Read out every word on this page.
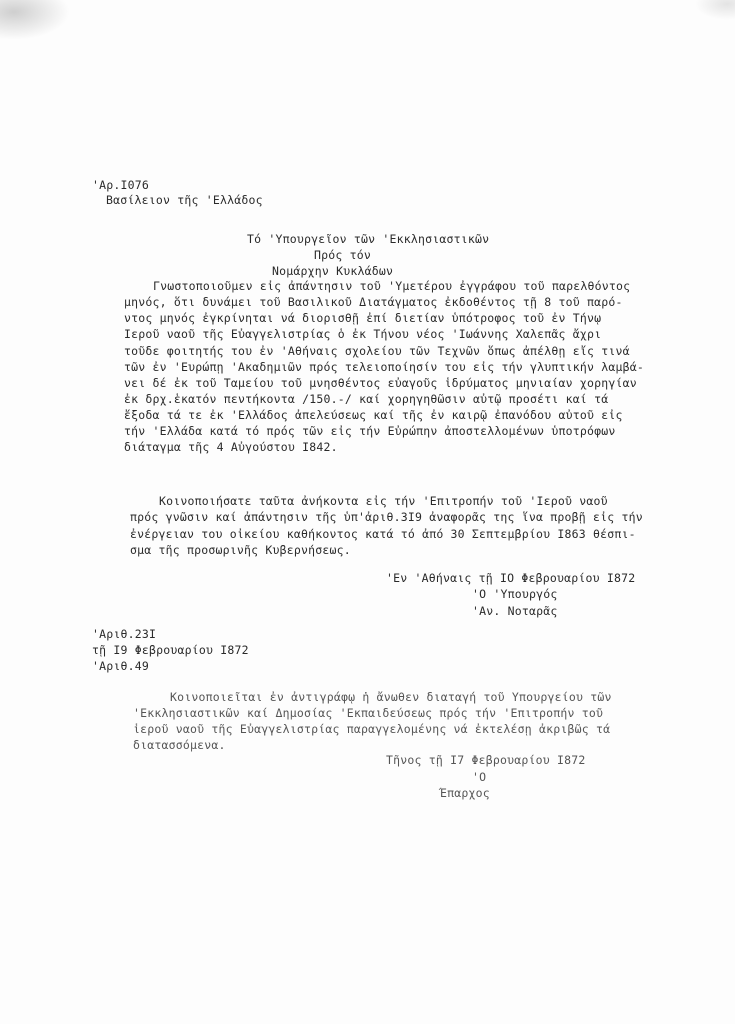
'Αρ.Ι076
Βασίλειον τῆς 'Ελλάδος
Τό 'Υπουργεῖον τῶν 'Εκκλησιαστικῶν
Πρός τόν
Νομάρχην Κυκλάδων
Γνωστοποιοῦμεν εἰς ἀπάντησιν τοῦ 'Υμετέρου ἐγγράφου τοῦ παρελθόντος
μηνός, ὅτι δυνάμει τοῦ Βασιλικοῦ Διατάγματος ἐκδοθέντος τῇ 8 τοῦ παρό-
ντος μηνός ἐγκρίνηται νά διορισθῇ ἐπί διετίαν ὑπότροφος τοῦ ἐν Τήνῳ
Ιεροῦ ναοῦ τῆς Εὐαγγελιστρίας ὁ ἐκ Τήνου νέος 'Ιωάννης Χαλεπᾶς ἄχρι
τοῦδε φοιτητής του ἐν 'Αθήναις σχολείου τῶν Τεχνῶν ὅπως ἀπέλθῃ εἴς τινά
τῶν ἐν 'Ευρώπῃ 'Ακαδημιῶν πρός τελειοποίησίν του εἰς τήν γλυπτικήν λαμβά-
νει δέ ἐκ τοῦ Ταμείου τοῦ μνησθέντος εὐαγοῦς ἱδρύματος μηνιαίαν χορηγίαν
ἐκ δρχ.ἑκατόν πεντήκοντα /150.-/ καί χορηγηθῶσιν αὐτῷ προσέτι καί τά
ἔξοδα τά τε ἐκ 'Ελλάδος ἀπελεύσεως καί τῆς ἐν καιρῷ ἐπανόδου αὐτοῦ εἰς
τήν 'Ελλάδα κατά τό πρός τῶν εἰς τήν Εὐρώπην ἀποστελλομένων ὑποτρόφων
διάταγμα τῆς 4 Αὐγούστου Ι842.
Κοινοποιήσατε ταῦτα ἀνήκοντα εἰς τήν 'Επιτροπήν τοῦ 'Ιεροῦ ναοῦ
πρός γνῶσιν καί ἀπάντησιν τῆς ὑπ'ἀριθ.3Ι9 ἀναφορᾶς της ἵνα προβῇ εἰς τήν
ἐνέργειαν του οἰκείου καθήκοντος κατά τό ἀπό 30 Σεπτεμβρίου Ι863 θέσπι-
σμα τῆς προσωρινῆς Κυβερνήσεως.
'Εν 'Αθήναις τῇ ΙΟ Φεβρουαρίου Ι872
'Ο 'Υπουργός
'Αν. Νοταρᾶς
'Αριθ.23Ι
τῇ Ι9 Φεβρουαρίου Ι872
'Αριθ.49
Κοινοποιεῖται ἐν ἀντιγράφῳ ἡ ἄνωθεν διαταγή τοῦ Υπουργείου τῶν
'Εκκλησιαστικῶν καί Δημοσίας 'Εκπαιδεύσεως πρός τήν 'Επιτροπήν τοῦ
ἱεροῦ ναοῦ τῆς Εὐαγγελιστρίας παραγγελομένης νά ἐκτελέσῃ ἀκριβῶς τά
διατασσόμενα.
Τῆνος τῇ Ι7 Φεβρουαρίου Ι872
'Ο
Έπαρχος
